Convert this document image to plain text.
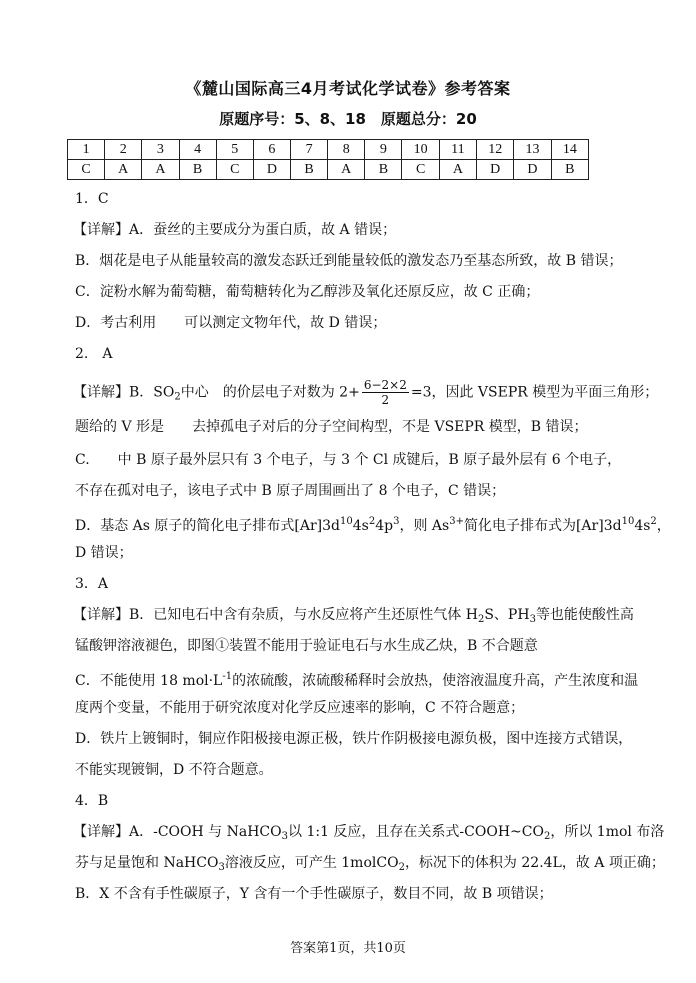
《麓山国际高三4月考试化学试卷》参考答案
原题序号：5、8、18　原题总分：20
1	2	3	4	5	6	7	8	9	10	11	12	13	14
C	A	A	B	C	D	B	A	B	C	A	D	D	B
1．C
【详解】A．蚕丝的主要成分为蛋白质，故 A 错误；
B．烟花是电子从能量较高的激发态跃迁到能量较低的激发态乃至基态所致，故 B 错误；
C．淀粉水解为葡萄糖，葡萄糖转化为乙醇涉及氧化还原反应，故 C 正确；
D．考古利用　　可以测定文物年代，故 D 错误；
2.　A
【详解】B．$SO_2$中心　的价层电子对数为 $2+ \frac{6-2\times 2}{2} =3$，因此 VSEPR 模型为平面三角形；
题给的 V 形是　　去掉孤电子对后的分子空间构型，不是 VSEPR 模型，B 错误；
C.　　中 B 原子最外层只有 3 个电子，与 3 个 Cl 成键后，B 原子最外层有 6 个电子，
不存在孤对电子，该电子式中 B 原子周围画出了 8 个电子，C 错误；
D．基态 As 原子的简化电子排布式$[Ar]3d^{10}4s^24p^3$，则 $As^{3+}$简化电子排布式为$[Ar]3d^{10}4s^2$，
D 错误；
3．A
【详解】B．已知电石中含有杂质，与水反应将产生还原性气体 $H_2S$、$PH_3$等也能使酸性高
锰酸钾溶液褪色，即图①装置不能用于验证电石与水生成乙炔，B 不合题意
C．不能使用 18 $mol\cdot L^{-1}$的浓硫酸，浓硫酸稀释时会放热，使溶液温度升高，产生浓度和温
度两个变量，不能用于研究浓度对化学反应速率的影响，C 不符合题意；
D．铁片上镀铜时，铜应作阳极接电源正极，铁片作阴极接电源负极，图中连接方式错误，
不能实现镀铜，D 不符合题意。
4．B
【详解】A．-COOH 与 NaHCO$_3$以 1:1 反应，且存在关系式$-COOH\sim CO_2$，所以 1mol 布洛
芬与足量饱和 NaHCO$_3$溶液反应，可产生 1molCO$_2$，标况下的体积为 22.4L，故 A 项正确；
B．X 不含有手性碳原子，Y 含有一个手性碳原子，数目不同，故 B 项错误；
答案第1页，共10页
